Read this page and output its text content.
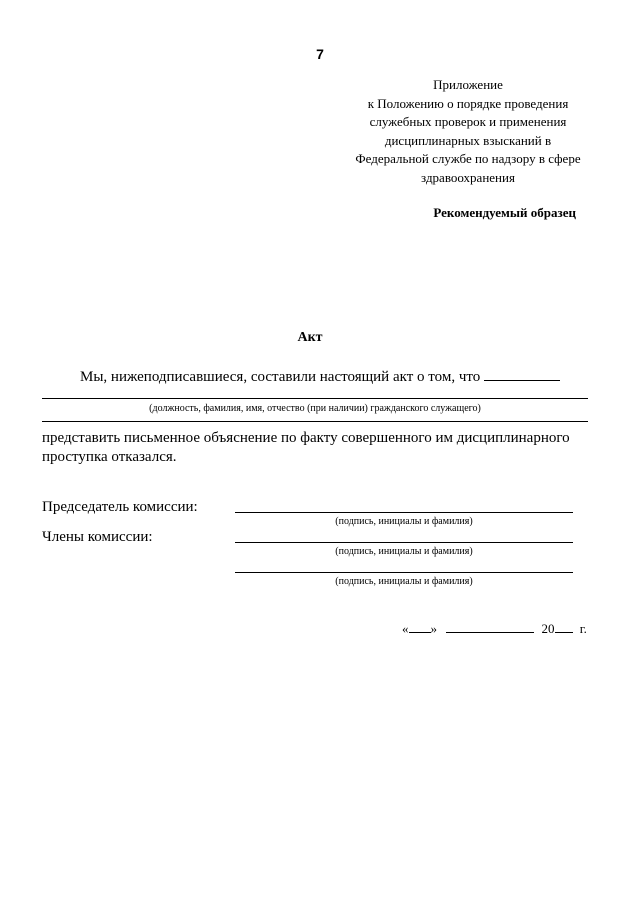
7
Приложение
к Положению о порядке проведения
служебных проверок и применения
дисциплинарных взысканий в
Федеральной службе по надзору в сфере
здравоохранения
Рекомендуемый образец
Акт
Мы, нижеподписавшиеся, составили настоящий акт о том, что
(должность, фамилия, имя, отчество (при наличии) гражданского служащего)
представить письменное объяснение по факту совершенного им дисциплинарного
проступка отказался.
Председатель комиссии:
(подпись, инициалы и фамилия)
Члены комиссии:
(подпись, инициалы и фамилия)
(подпись, инициалы и фамилия)
« »	20 г.
